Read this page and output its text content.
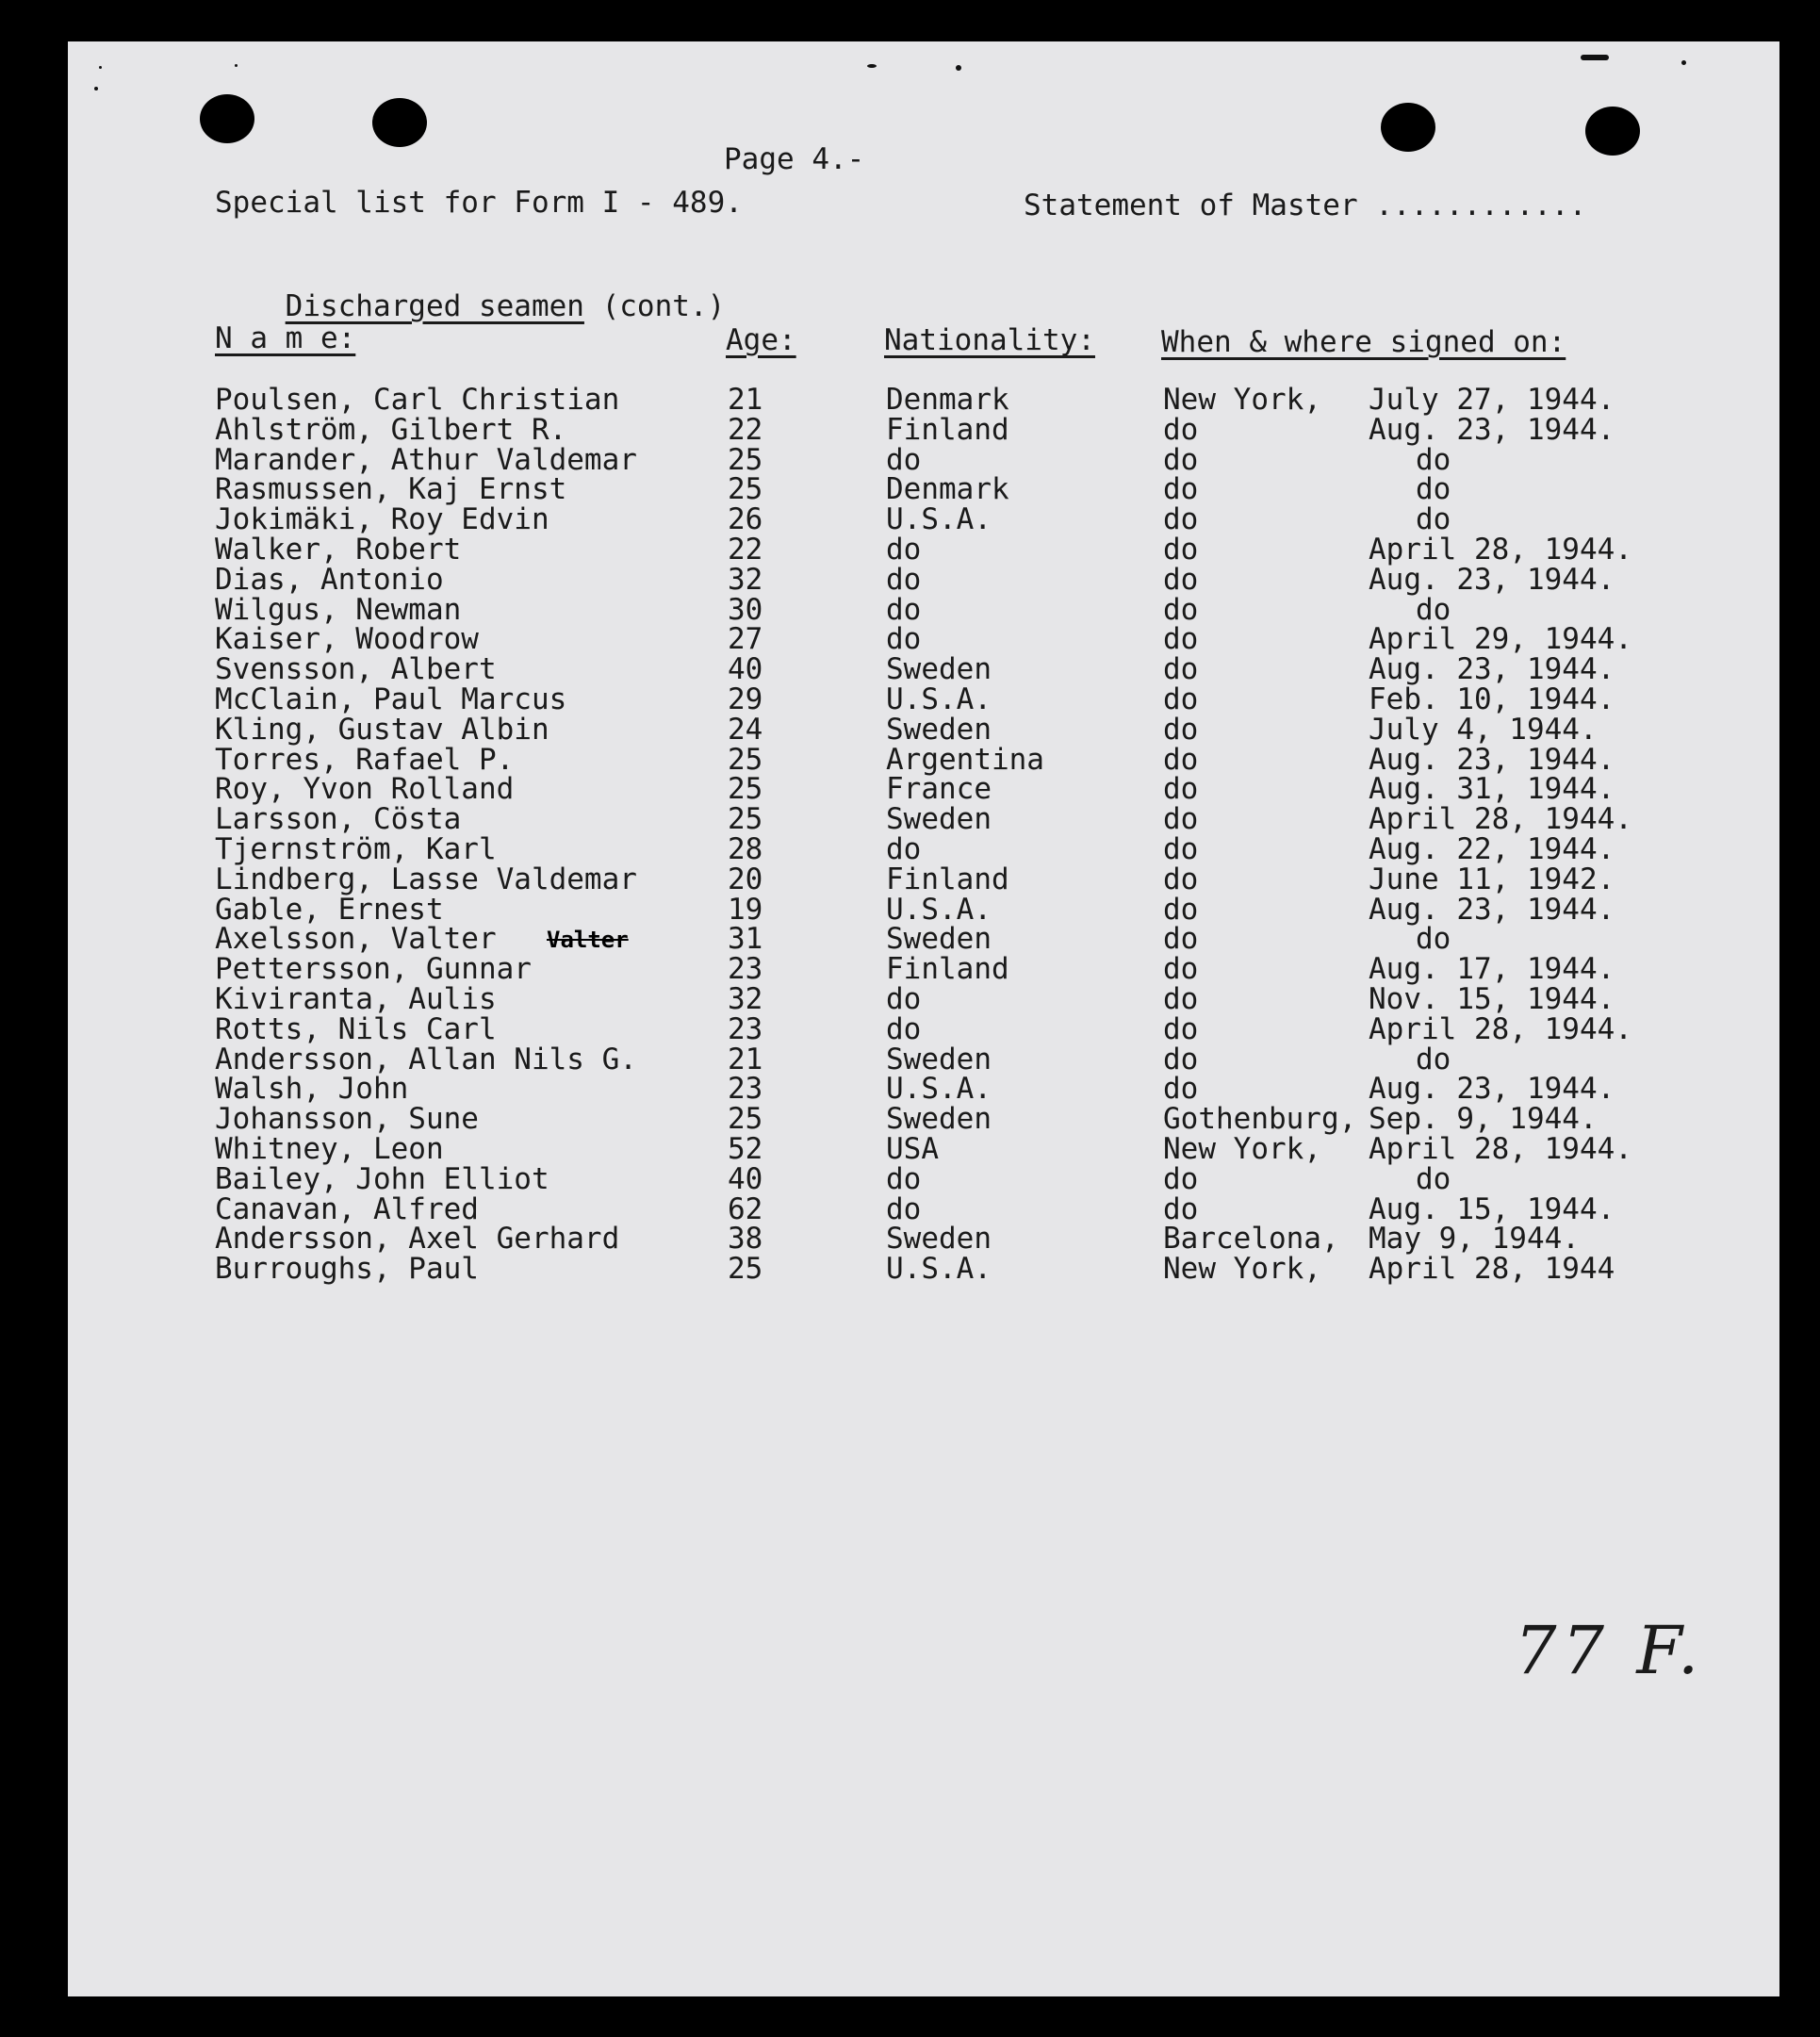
Page 4.-
Special list for Form I - 489.	Statement of Master ............

Discharged seamen (cont.)

N a m e:	Age:	Nationality: When & where signed on:
Poulsen, Carl Christian	21	Denmark	New York, July 27, 1944.
Ahlström, Gilbert R.	22	Finland	do	Aug. 23, 1944.
Marander, Athur Valdemar	25	do	do	do
Rasmussen, Kaj Ernst	25	Denmark	do	do
Jokimäki, Roy Edvin	26	U.S.A.	do	do
Walker, Robert	22	do	do	April 28, 1944.
Dias, Antonio	32	do	do	Aug. 23, 1944.
Wilgus, Newman	30	do	do	do
Kaiser, Woodrow	27	do	do	April 29, 1944.
Svensson, Albert	40	Sweden	do	Aug. 23, 1944.
McClain, Paul Marcus	29	U.S.A.	do	Feb. 10, 1944.
Kling, Gustav Albin	24	Sweden	do	July 4, 1944.
Torres, Rafael P.	25	Argentina	do	Aug. 23, 1944.
Roy, Yvon Rolland	25	France	do	Aug. 31, 1944.
Larsson, Cösta	25	Sweden	do	April 28, 1944.
Tjernström, Karl	28	do	do	Aug. 22, 1944.
Lindberg, Lasse Valdemar	20	Finland	do	June 11, 1942.
Gable, Ernest	19	U.S.A.	do	Aug. 23, 1944.
Axelsson, Valter Valter	31	Sweden	do	do
Pettersson, Gunnar	23	Finland	do	Aug. 17, 1944.
Kiviranta, Aulis	32	do	do	Nov. 15, 1944.
Rotts, Nils Carl	23	do	do	April 28, 1944.
Andersson, Allan Nils G.	21	Sweden	do	do
Walsh, John	23	U.S.A.	do	Aug. 23, 1944.
Johansson, Sune	25	Sweden	Gothenburg, Sep. 9, 1944.
Whitney, Leon	52	USA	New York, April 28, 1944.
Bailey, John Elliot	40	do	do	do
Canavan, Alfred	62	do	do	Aug. 15, 1944.
Andersson, Axel Gerhard	38	Sweden	Barcelona, May 9, 1944.
Burroughs, Paul	25	U.S.A.	New York, April 28, 1944
77 F.
